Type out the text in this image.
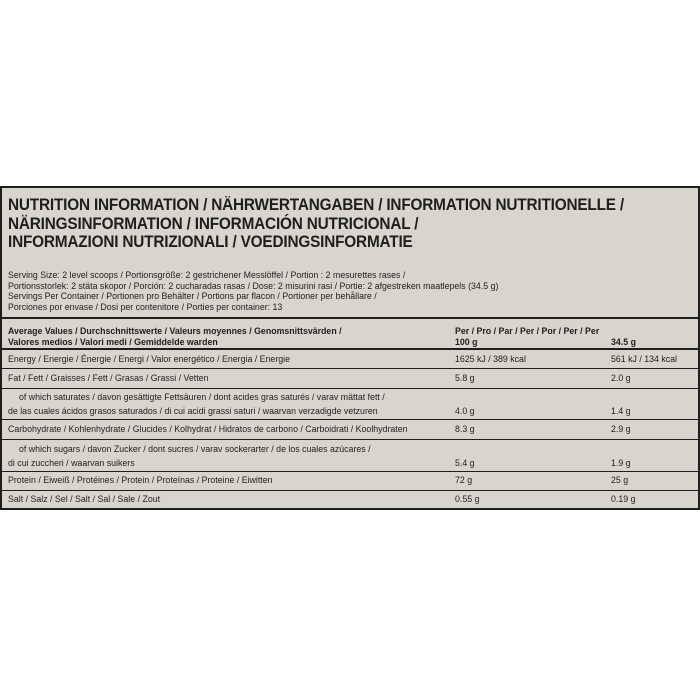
NUTRITION INFORMATION / NÄHRWERTANGABEN / INFORMATION NUTRITIONELLE /
NÄRINGSINFORMATION / INFORMACIÓN NUTRICIONAL /
INFORMAZIONI NUTRIZIONALI / VOEDINGSINFORMATIE
Serving Size: 2 level scoops / Portionsgröße: 2 gestrichener Messlöffel / Portion : 2 mesurettes rases /
Portionsstorlek: 2 stäta skopor / Porción: 2 cucharadas rasas / Dose: 2 misurini rasi / Portie: 2 afgestreken maatlepels (34.5 g)
Servings Per Container / Portionen pro Behälter / Portions par flacon / Portioner per behållare /
Porciones por envase / Dosi per contenitore / Porties per container: 13
Average Values / Durchschnittswerte / Valeurs moyennes / Genomsnittsvärden /
Valores medios / Valori medi / Gemiddelde warden
Per / Pro / Par / Per / Por / Per / Per
100 g	34.5 g
Energy / Energie / Énergie / Energi / Valor energético / Energia / Energie	1625 kJ / 389 kcal	561 kJ / 134 kcal
Fat / Fett / Graisses / Fett / Grasas / Grassi / Vetten	5.8 g	2.0 g
of which saturates / davon gesättigte Fettsäuren / dont acides gras saturés / varav mättat fett /
de las cuales ácidos grasos saturados / di cui acidi grassi saturi / waarvan verzadigde vetzuren	4.0 g	1.4 g
Carbohydrate / Kohlenhydrate / Glucides / Kolhydrat / Hidratos de carbono / Carboidrati / Koolhydraten	8.3 g	2.9 g
of which sugars / davon Zucker / dont sucres / varav sockerarter / de los cuales azúcares /
di cui zuccheri / waarvan suikers	5.4 g	1.9 g
Protein / Eiweiß / Protéines / Protein / Proteínas / Proteine / Eiwitten	72 g	25 g
Salt / Salz / Sel / Salt / Sal / Sale / Zout	0.55 g	0.19 g
